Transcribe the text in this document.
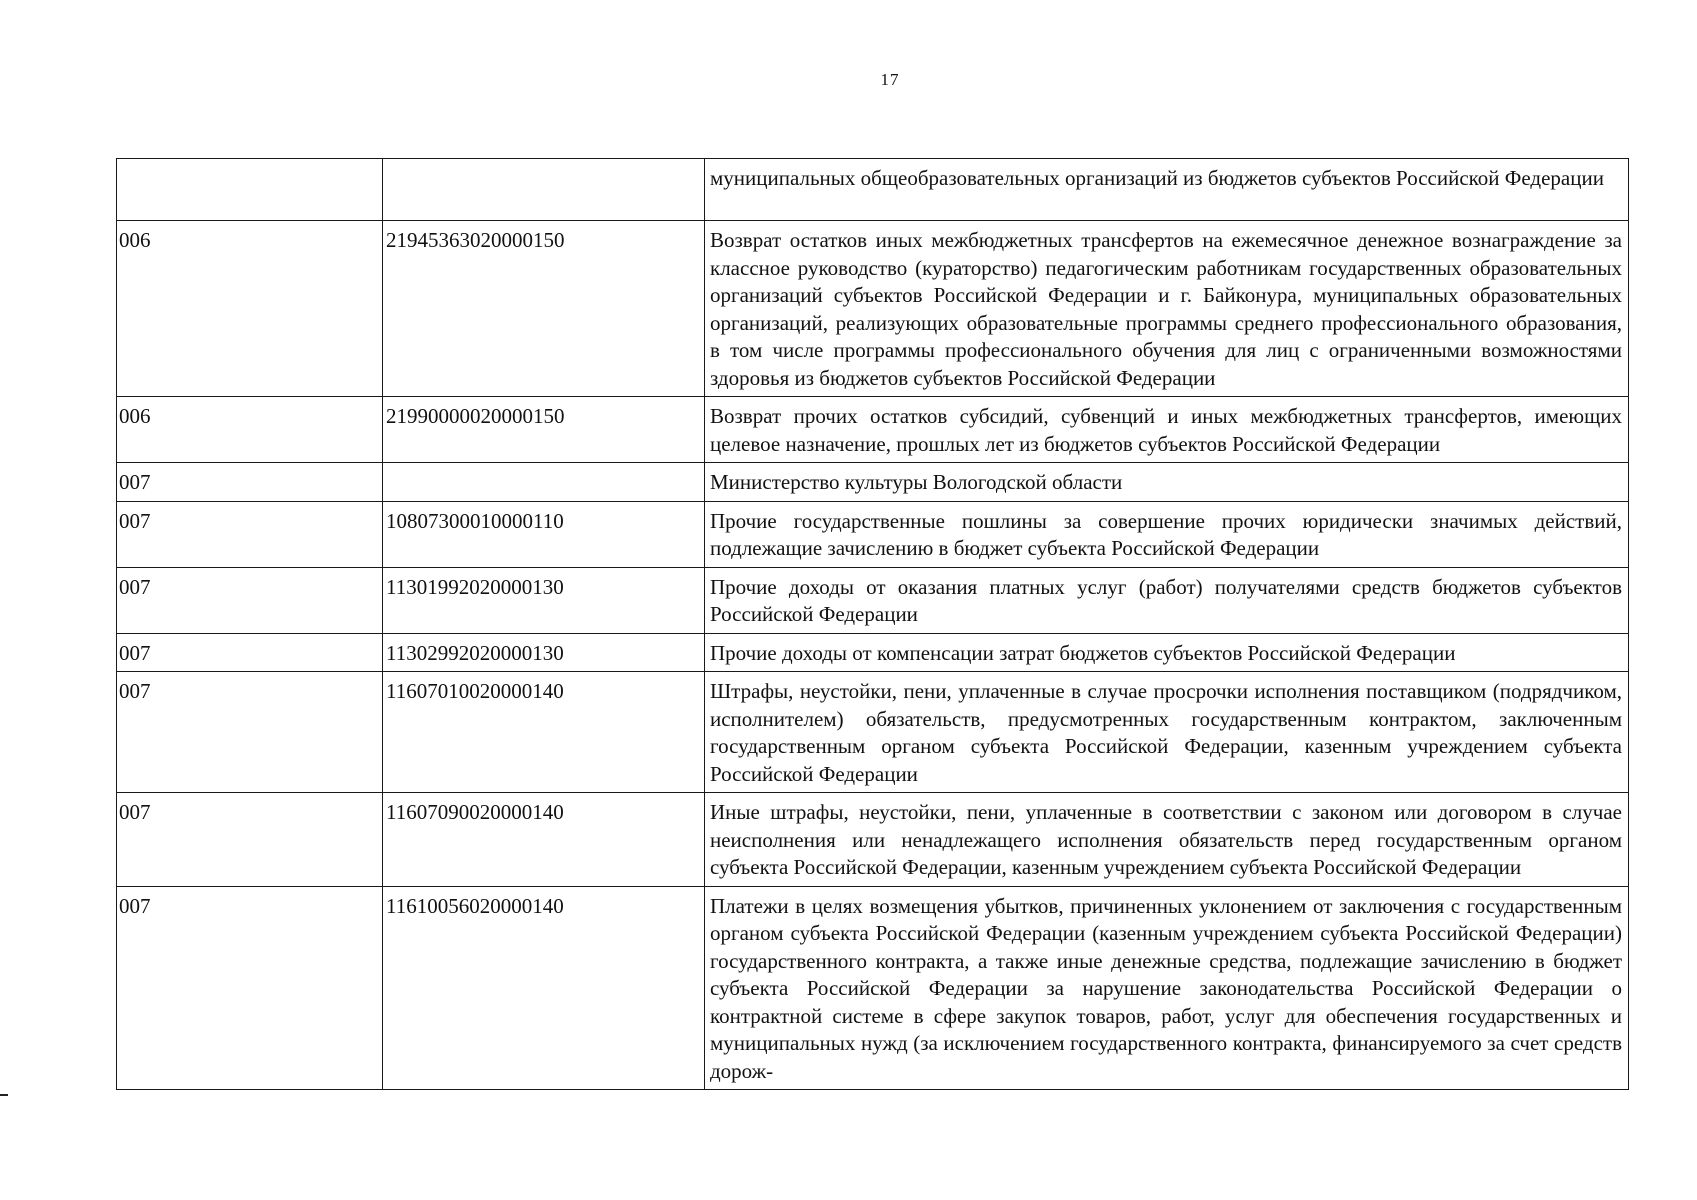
17
		муниципальных общеобразовательных организаций из бюджетов субъектов Российской Федерации
006	21945363020000150	Возврат остатков иных межбюджетных трансфертов на ежемесячное денежное вознаграждение за классное руководство (кураторство) педагогическим работникам государственных образовательных организаций субъектов Российской Федерации и г. Байконура, муниципальных образовательных организаций, реализующих образовательные программы среднего профессионального образования, в том числе программы профессионального обучения для лиц с ограниченными возможностями здоровья из бюджетов субъектов Российской Федерации
006	21990000020000150	Возврат прочих остатков субсидий, субвенций и иных межбюджетных трансфертов, имеющих целевое назначение, прошлых лет из бюджетов субъектов Российской Федерации
007		Министерство культуры Вологодской области
007	10807300010000110	Прочие государственные пошлины за совершение прочих юридически значимых действий, подлежащие зачислению в бюджет субъекта Российской Федерации
007	11301992020000130	Прочие доходы от оказания платных услуг (работ) получателями средств бюджетов субъектов Российской Федерации
007	11302992020000130	Прочие доходы от компенсации затрат бюджетов субъектов Российской Федерации
007	11607010020000140	Штрафы, неустойки, пени, уплаченные в случае просрочки исполнения поставщиком (подрядчиком, исполнителем) обязательств, предусмотренных государственным контрактом, заключенным государственным органом субъекта Российской Федерации, казенным учреждением субъекта Российской Федерации
007	11607090020000140	Иные штрафы, неустойки, пени, уплаченные в соответствии с законом или договором в случае неисполнения или ненадлежащего исполнения обязательств перед государственным органом субъекта Российской Федерации, казенным учреждением субъекта Российской Федерации
007	11610056020000140	Платежи в целях возмещения убытков, причиненных уклонением от заключения с государственным органом субъекта Российской Федерации (казенным учреждением субъекта Российской Федерации) государственного контракта, а также иные денежные средства, подлежащие зачислению в бюджет субъекта Российской Федерации за нарушение законодательства Российской Федерации о контрактной системе в сфере закупок товаров, работ, услуг для обеспечения государственных и муниципальных нужд (за исключением государственного контракта, финансируемого за счет средств дорож-
